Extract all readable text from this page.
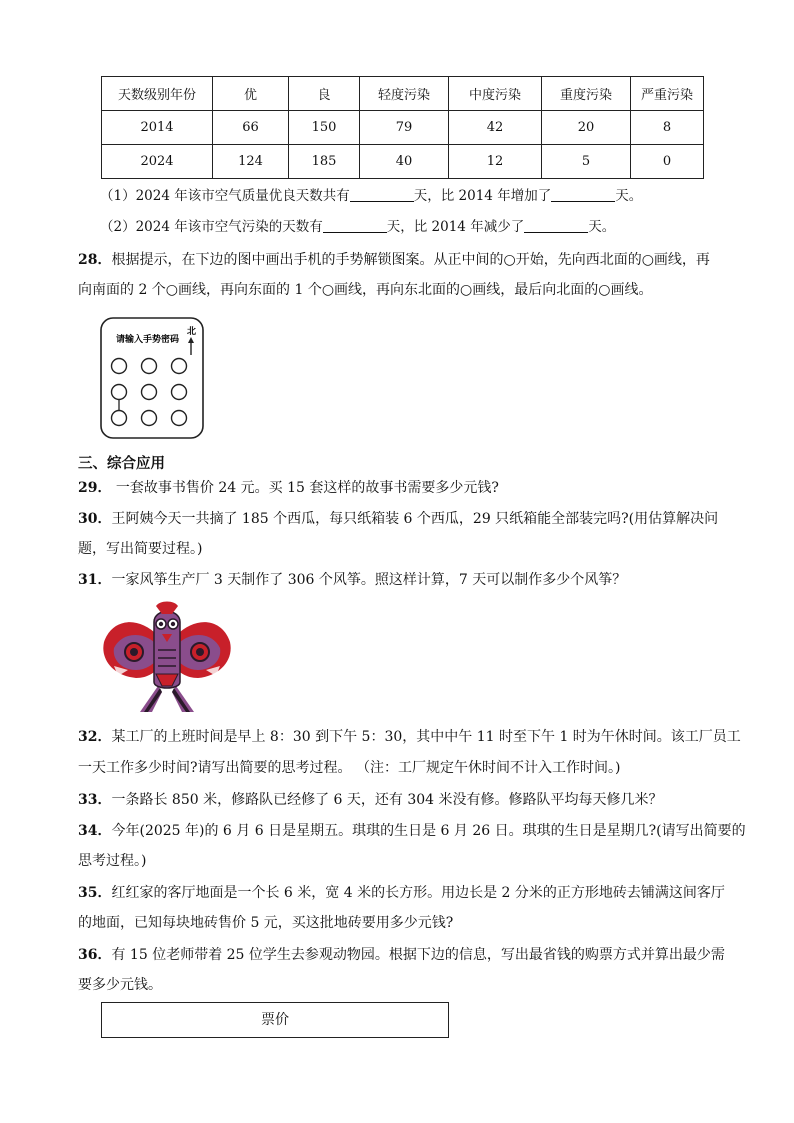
天数级别年份	优	良	轻度污染	中度污染	重度污染	严重污染
2014	66	150	79	42	20	8
2024	124	185	40	12	5	0
（1）2024 年该市空气质量优良天数共有	天，比 2014 年增加了	天。
（2）2024 年该市空气污染的天数有	天，比 2014 年减少了	天。
28．根据提示，在下边的图中画出手机的手势解锁图案。从正中间的○开始，先向西北面的○画线，再
向南面的 2 个○画线，再向东面的 1 个○画线，再向东北面的○画线，最后向北面的○画线。
请输入手势密码
北
三、综合应用
29． 一套故事书售价 24 元。买 15 套这样的故事书需要多少元钱?
30．王阿姨今天一共摘了 185 个西瓜，每只纸箱装 6 个西瓜，29 只纸箱能全部装完吗?(用估算解决问
题，写出简要过程。)
31．一家风筝生产厂 3 天制作了 306 个风筝。照这样计算，7 天可以制作多少个风筝？
32．某工厂的上班时间是早上 8：30 到下午 5：30，其中中午 11 时至下午 1 时为午休时间。该工厂员工
一天工作多少时间?请写出简要的思考过程。 （注：工厂规定午休时间不计入工作时间。)
33．一条路长 850 米，修路队已经修了 6 天，还有 304 米没有修。修路队平均每天修几米？
34．今年(2025 年)的 6 月 6 日是星期五。琪琪的生日是 6 月 26 日。琪琪的生日是星期几?(请写出简要的
思考过程。)
35．红红家的客厅地面是一个长 6 米，宽 4 米的长方形。用边长是 2 分米的正方形地砖去铺满这间客厅
的地面，已知每块地砖售价 5 元，买这批地砖要用多少元钱?
36．有 15 位老师带着 25 位学生去参观动物园。根据下边的信息，写出最省钱的购票方式并算出最少需
要多少元钱。
票价
